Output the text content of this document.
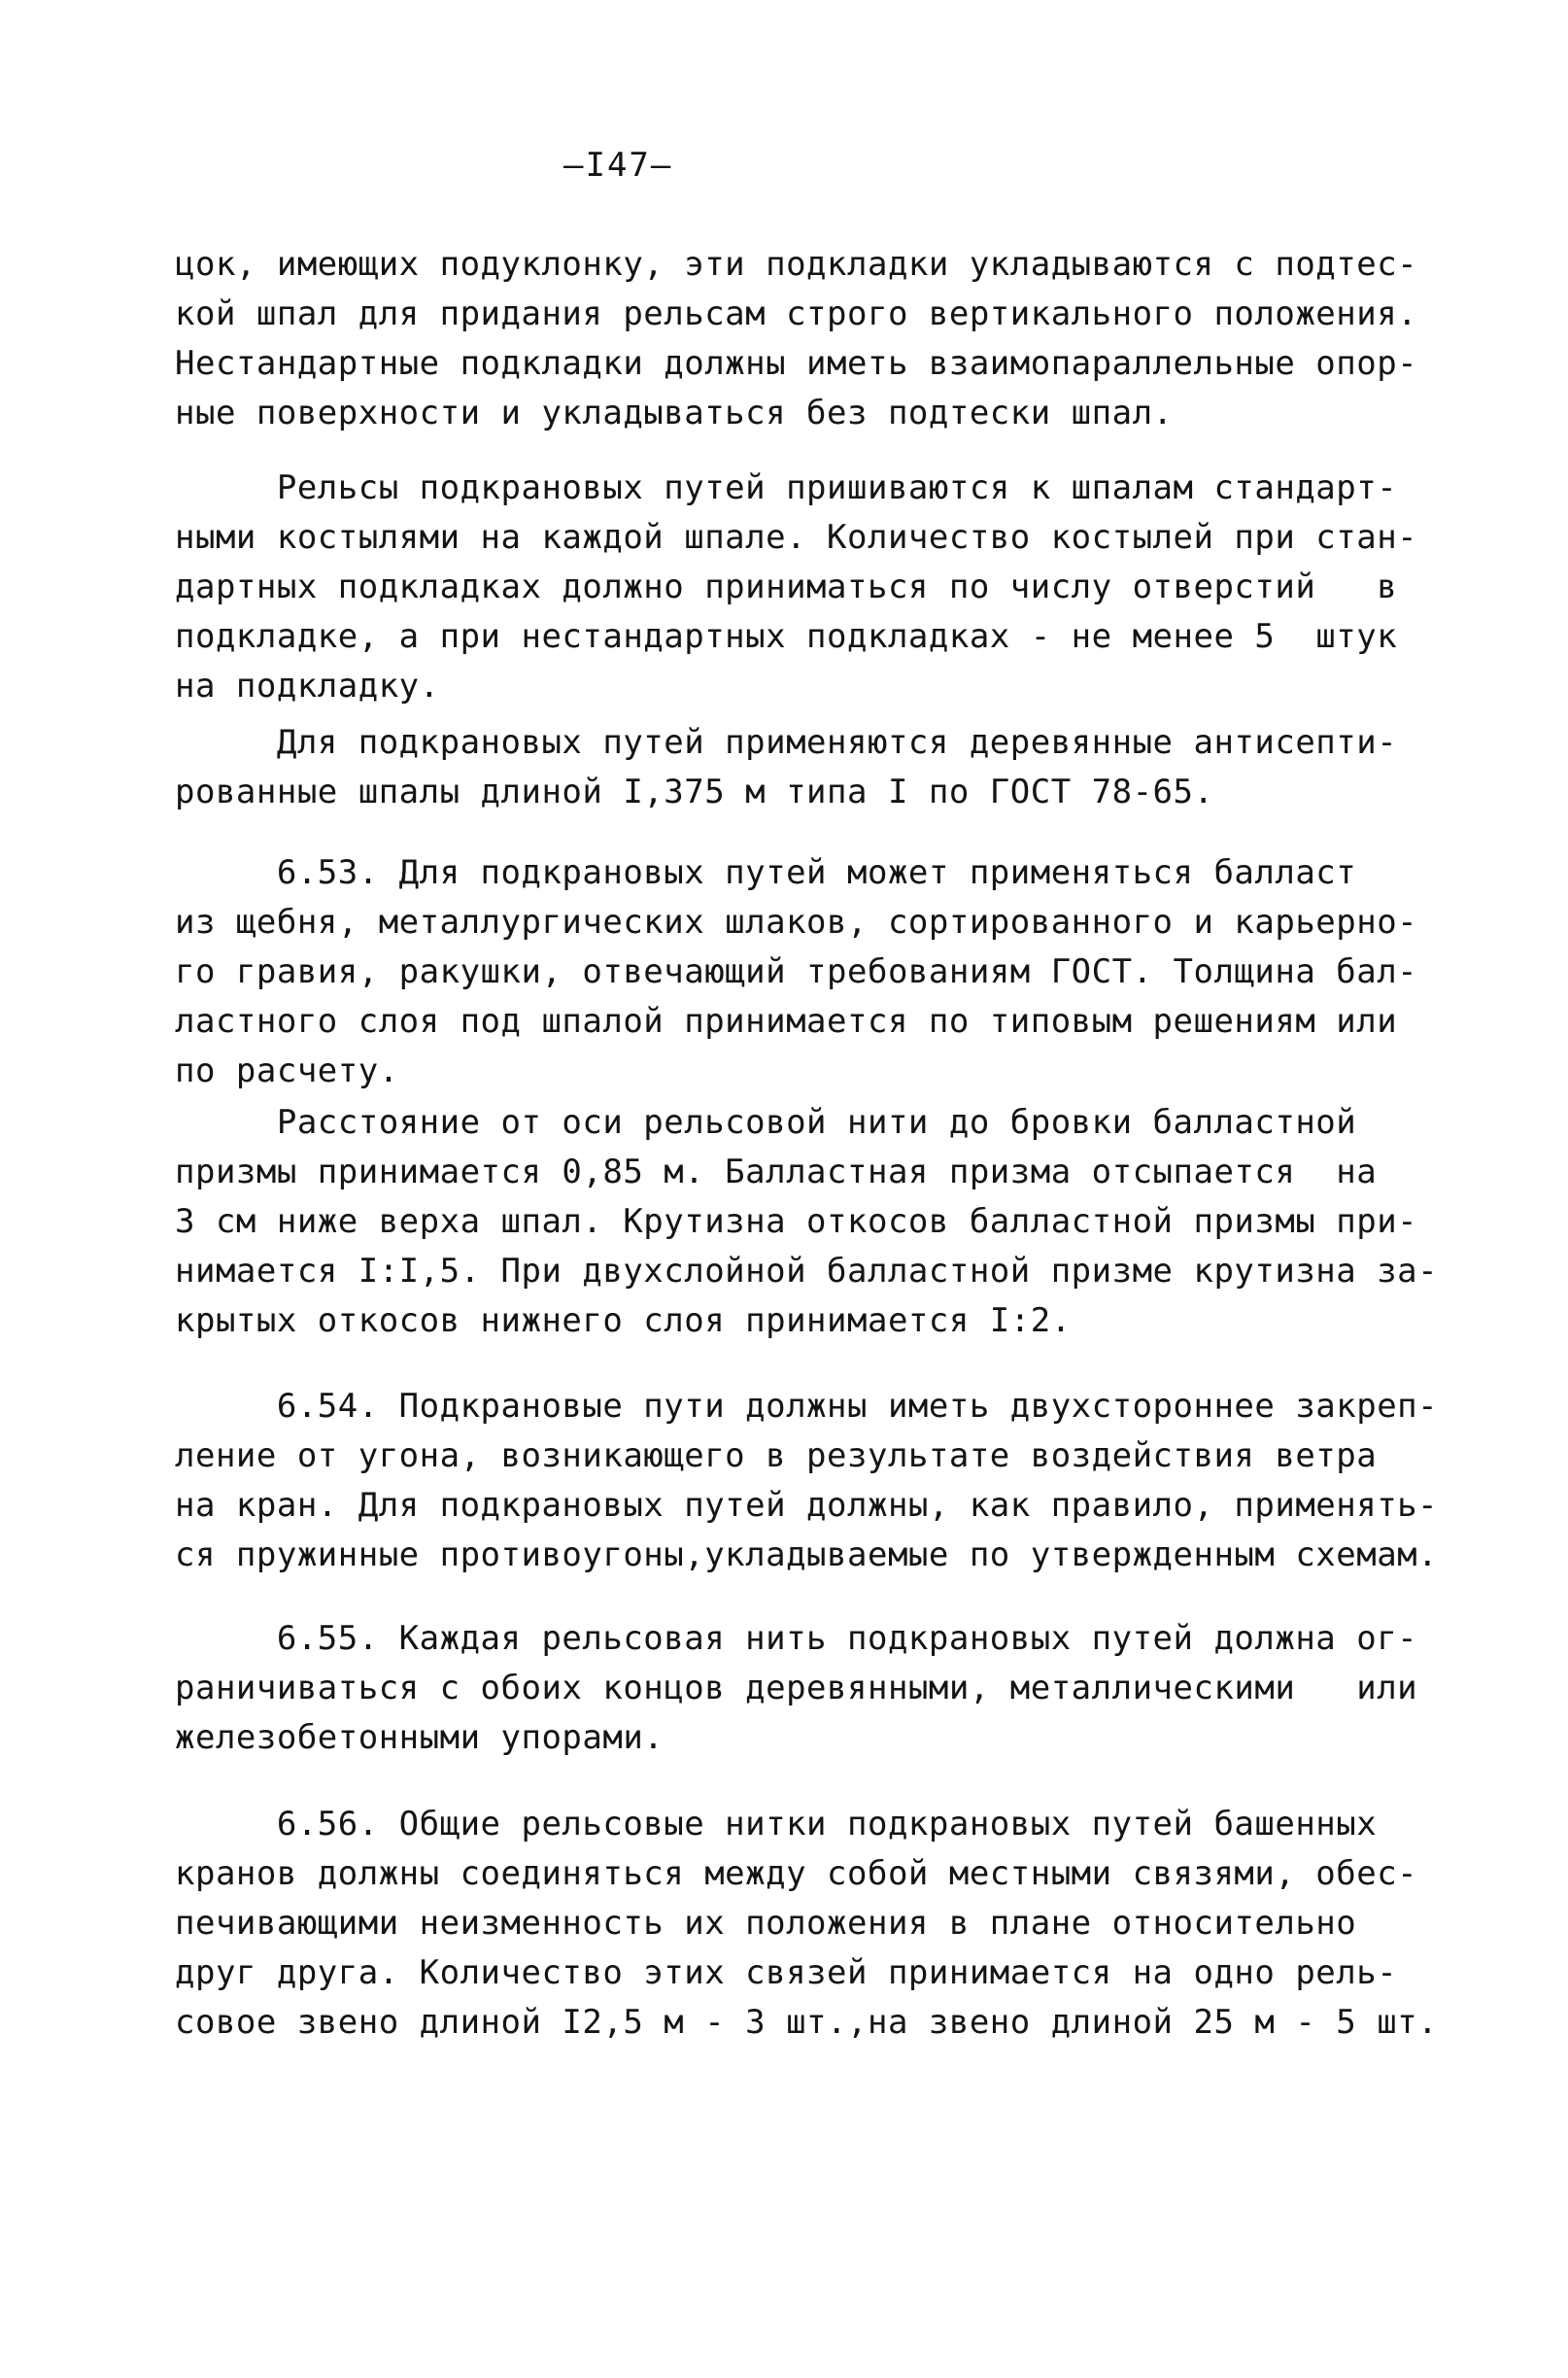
—I47—
цок, имеющих подуклонку, эти подкладки укладываются с подтес-
кой шпал для придания рельсам строго вертикального положения.
Нестандартные подкладки должны иметь взаимопараллельные опор-
ные поверхности и укладываться без подтески шпал.
Рельсы подкрановых путей пришиваются к шпалам стандарт-
ными костылями на каждой шпале. Количество костылей при стан-
дартных подкладках должно приниматься по числу отверстий   в
подкладке, а при нестандартных подкладках - не менее 5  штук
на подкладку.
Для подкрановых путей применяются деревянные антисепти-
рованные шпалы длиной I,375 м типа I по ГОСТ 78-65.
6.53. Для подкрановых путей может применяться балласт
из щебня, металлургических шлаков, сортированного и карьерно-
го гравия, ракушки, отвечающий требованиям ГОСТ. Толщина бал-
ластного слоя под шпалой принимается по типовым решениям или
по расчету.
Расстояние от оси рельсовой нити до бровки балластной
призмы принимается 0,85 м. Балластная призма отсыпается  на
3 см ниже верха шпал. Крутизна откосов балластной призмы при-
нимается I:I,5. При двухслойной балластной призме крутизна за-
крытых откосов нижнего слоя принимается I:2.
6.54. Подкрановые пути должны иметь двухстороннее закреп-
ление от угона, возникающего в результате воздействия ветра
на кран. Для подкрановых путей должны, как правило, применять-
ся пружинные противоугоны,укладываемые по утвержденным схемам.
6.55. Каждая рельсовая нить подкрановых путей должна ог-
раничиваться с обоих концов деревянными, металлическими   или
железобетонными упорами.
6.56. Общие рельсовые нитки подкрановых путей башенных
кранов должны соединяться между собой местными связями, обес-
печивающими неизменность их положения в плане относительно
друг друга. Количество этих связей принимается на одно рель-
совое звено длиной I2,5 м - 3 шт.,на звено длиной 25 м - 5 шт.
